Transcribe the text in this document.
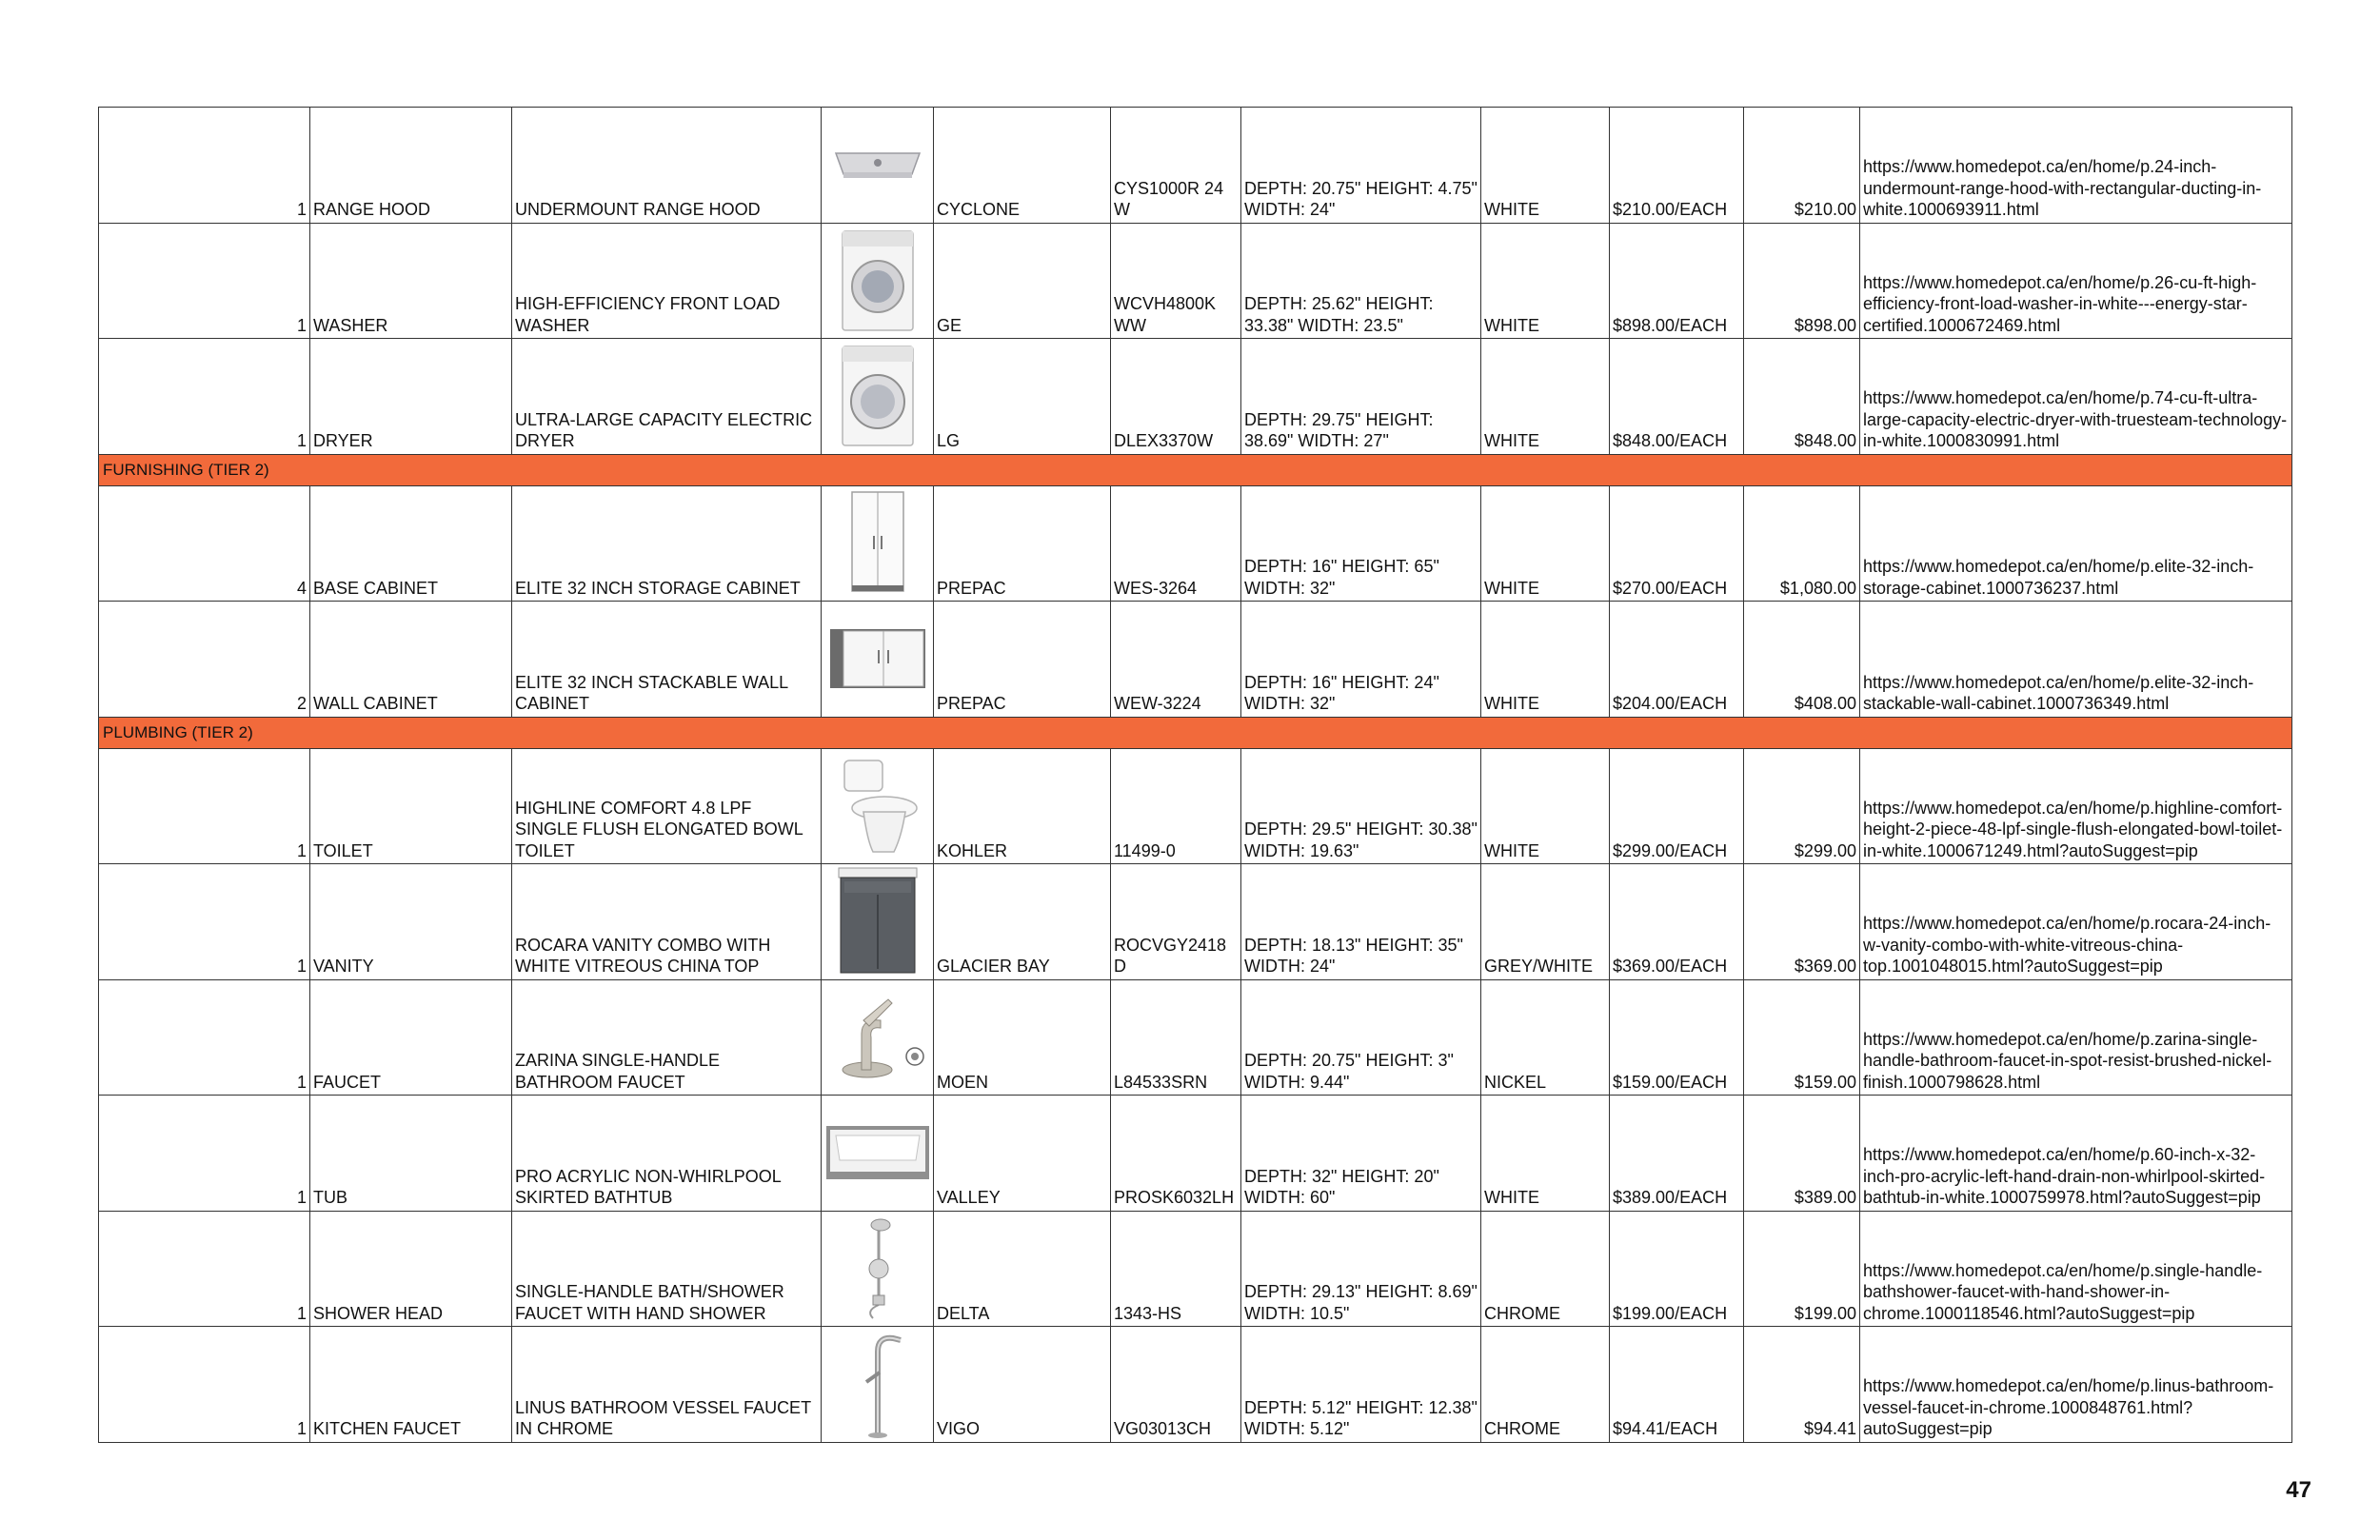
1	RANGE HOOD	UNDERMOUNT RANGE HOOD		CYCLONE	CYS1000R 24 W	DEPTH: 20.75" HEIGHT: 4.75" WIDTH: 24"	WHITE	$210.00/EACH	$210.00	https://www.homedepot.ca/en/home/p.24-inch-undermount-range-hood-with-rectangular-ducting-in-white.1000693911.html
1	WASHER	HIGH-EFFICIENCY FRONT LOAD WASHER		GE	WCVH4800K WW	DEPTH: 25.62" HEIGHT: 33.38" WIDTH: 23.5"	WHITE	$898.00/EACH	$898.00	https://www.homedepot.ca/en/home/p.26-cu-ft-high-efficiency-front-load-washer-in-white---energy-star-certified.1000672469.html
1	DRYER	ULTRA-LARGE CAPACITY ELECTRIC DRYER		LG	DLEX3370W	DEPTH: 29.75" HEIGHT: 38.69" WIDTH: 27"	WHITE	$848.00/EACH	$848.00	https://www.homedepot.ca/en/home/p.74-cu-ft-ultra-large-capacity-electric-dryer-with-truesteam-technology-in-white.1000830991.html
FURNISHING (TIER 2)										
4	BASE CABINET	ELITE 32 INCH STORAGE CABINET		PREPAC	WES-3264	DEPTH: 16" HEIGHT: 65" WIDTH: 32"	WHITE	$270.00/EACH	$1,080.00	https://www.homedepot.ca/en/home/p.elite-32-inch-storage-cabinet.1000736237.html
2	WALL CABINET	ELITE 32 INCH STACKABLE WALL CABINET		PREPAC	WEW-3224	DEPTH: 16" HEIGHT: 24" WIDTH: 32"	WHITE	$204.00/EACH	$408.00	https://www.homedepot.ca/en/home/p.elite-32-inch-stackable-wall-cabinet.1000736349.html
PLUMBING (TIER 2)										
1	TOILET	HIGHLINE COMFORT 4.8 LPF SINGLE FLUSH ELONGATED BOWL TOILET		KOHLER	11499-0	DEPTH: 29.5" HEIGHT: 30.38" WIDTH: 19.63"	WHITE	$299.00/EACH	$299.00	https://www.homedepot.ca/en/home/p.highline-comfort-height-2-piece-48-lpf-single-flush-elongated-bowl-toilet-in-white.1000671249.html?autoSuggest=pip
1	VANITY	ROCARA VANITY COMBO WITH WHITE VITREOUS CHINA TOP		GLACIER BAY	ROCVGY2418 D	DEPTH: 18.13" HEIGHT: 35" WIDTH: 24"	GREY/WHITE	$369.00/EACH	$369.00	https://www.homedepot.ca/en/home/p.rocara-24-inch-w-vanity-combo-with-white-vitreous-china-top.1001048015.html?autoSuggest=pip
1	FAUCET	ZARINA SINGLE-HANDLE BATHROOM FAUCET		MOEN	L84533SRN	DEPTH: 20.75" HEIGHT: 3" WIDTH: 9.44"	NICKEL	$159.00/EACH	$159.00	https://www.homedepot.ca/en/home/p.zarina-single-handle-bathroom-faucet-in-spot-resist-brushed-nickel-finish.1000798628.html
1	TUB	PRO ACRYLIC NON-WHIRLPOOL SKIRTED BATHTUB		VALLEY	PROSK6032LH	DEPTH: 32" HEIGHT: 20" WIDTH: 60"	WHITE	$389.00/EACH	$389.00	https://www.homedepot.ca/en/home/p.60-inch-x-32-inch-pro-acrylic-left-hand-drain-non-whirlpool-skirted-bathtub-in-white.1000759978.html?autoSuggest=pip
1	SHOWER HEAD	SINGLE-HANDLE BATH/SHOWER FAUCET WITH HAND SHOWER		DELTA	1343-HS	DEPTH: 29.13" HEIGHT: 8.69" WIDTH: 10.5"	CHROME	$199.00/EACH	$199.00	https://www.homedepot.ca/en/home/p.single-handle-bathshower-faucet-with-hand-shower-in-chrome.1000118546.html?autoSuggest=pip
1	KITCHEN FAUCET	LINUS BATHROOM VESSEL FAUCET IN CHROME		VIGO	VG03013CH	DEPTH: 5.12" HEIGHT: 12.38" WIDTH: 5.12"	CHROME	$94.41/EACH	$94.41	https://www.homedepot.ca/en/home/p.linus-bathroom-vessel-faucet-in-chrome.1000848761.html?autoSuggest=pip
47
